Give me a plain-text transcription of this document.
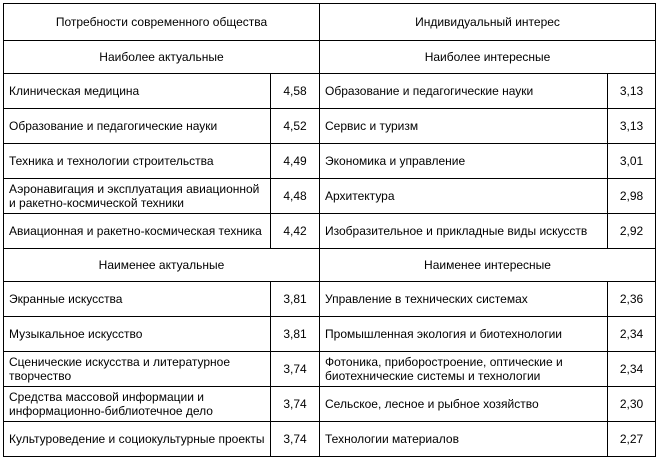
Потребности современного общества		Индивидуальный интерес	
Наиболее актуальные		Наиболее интересные	
Клиническая медицина	4,58	Образование и педагогические науки	3,13
Образование и педагогические науки	4,52	Сервис и туризм	3,13
Техника и технологии строительства	4,49	Экономика и управление	3,01
Аэронавигация и эксплуатация авиационной и ракетно-космической техники	4,48	Архитектура	2,98
Авиационная и ракетно-космическая техника	4,42	Изобразительное и прикладные виды искусств	2,92
Наименее актуальные		Наименее интересные	
Экранные искусства	3,81	Управление в технических системах	2,36
Музыкальное искусство	3,81	Промышленная экология и биотехнологии	2,34
Сценические искусства и литературное творчество	3,74	Фотоника, приборостроение, оптические и биотехнические системы и технологии	2,34
Средства массовой информации и информационно-библиотечное дело	3,74	Сельское, лесное и рыбное хозяйство	2,30
Культуроведение и социокультурные проекты	3,74	Технологии материалов	2,27
